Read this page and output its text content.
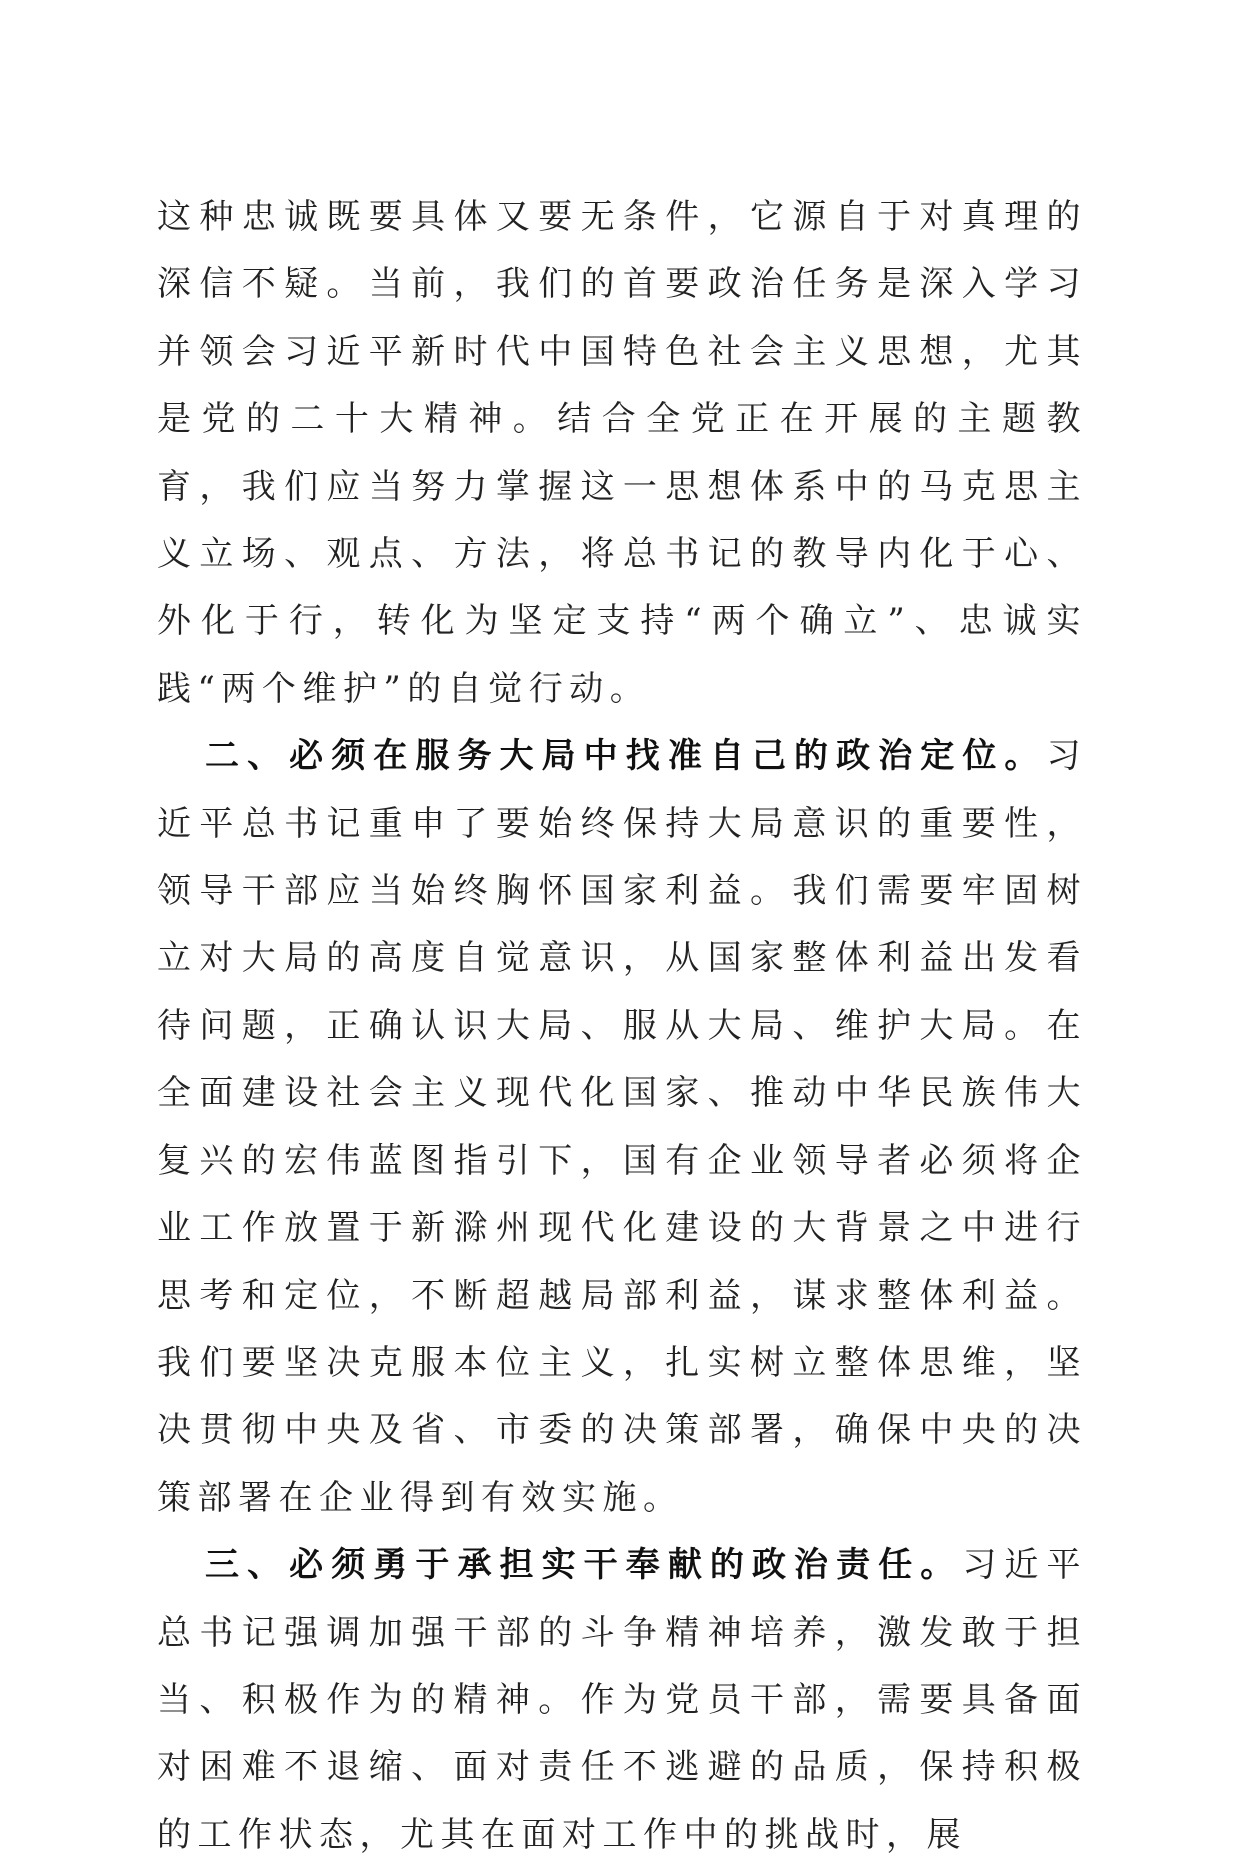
这种忠诚既要具体又要无条件，它源自于对真理的深信不疑。当前，我们的首要政治任务是深入学习并领会习近平新时代中国特色社会主义思想，尤其是党的二十大精神。结合全党正在开展的主题教育，我们应当努力掌握这一思想体系中的马克思主义立场、观点、方法，将总书记的教导内化于心、外化于行，转化为坚定支持“两个确立”、忠诚实践“两个维护”的自觉行动。

二、必须在服务大局中找准自己的政治定位。习近平总书记重申了要始终保持大局意识的重要性，领导干部应当始终胸怀国家利益。我们需要牢固树立对大局的高度自觉意识，从国家整体利益出发看待问题，正确认识大局、服从大局、维护大局。在全面建设社会主义现代化国家、推动中华民族伟大复兴的宏伟蓝图指引下，国有企业领导者必须将企业工作放置于新滁州现代化建设的大背景之中进行思考和定位，不断超越局部利益，谋求整体利益。我们要坚决克服本位主义，扎实树立整体思维，坚决贯彻中央及省、市委的决策部署，确保中央的决策部署在企业得到有效实施。

三、必须勇于承担实干奉献的政治责任。习近平总书记强调加强干部的斗争精神培养，激发敢于担当、积极作为的精神。作为党员干部，需要具备面对困难不退缩、面对责任不逃避的品质，保持积极的工作状态，尤其在面对工作中的挑战时，展
